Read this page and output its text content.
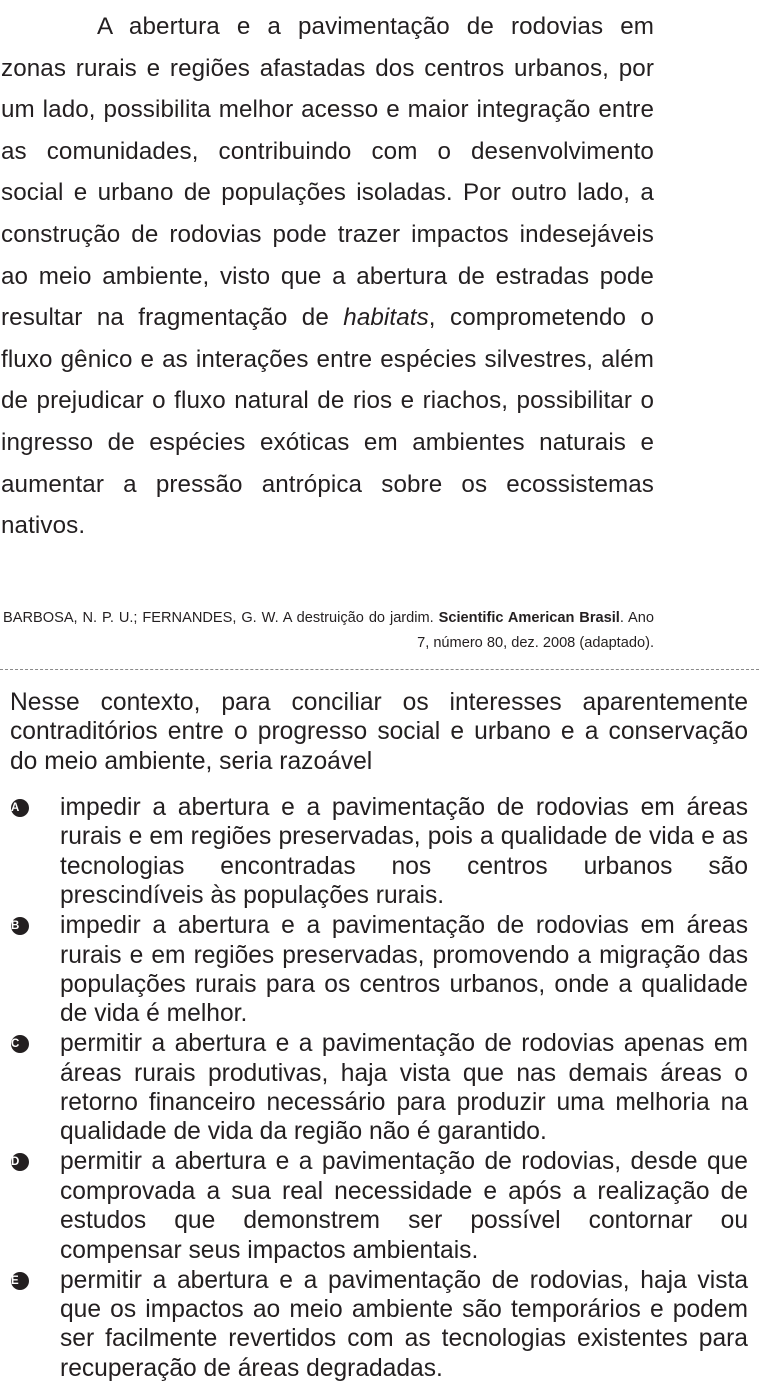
A abertura e a pavimentação de rodovias em zonas rurais e regiões afastadas dos centros urbanos, por um lado, possibilita melhor acesso e maior integração entre as comunidades, contribuindo com o desenvolvimento social e urbano de populações isoladas. Por outro lado, a construção de rodovias pode trazer impactos indesejáveis ao meio ambiente, visto que a abertura de estradas pode resultar na fragmentação de habitats, comprometendo o fluxo gênico e as interações entre espécies silvestres, além de prejudicar o fluxo natural de rios e riachos, possibilitar o ingresso de espécies exóticas em ambientes naturais e aumentar a pressão antrópica sobre os ecossistemas nativos.

BARBOSA, N. P. U.; FERNANDES, G. W. A destruição do jardim. Scientific American Brasil. Ano 7, número 80, dez. 2008 (adaptado).

Nesse contexto, para conciliar os interesses aparentemente contraditórios entre o progresso social e urbano e a conservação do meio ambiente, seria razoável

A	impedir a abertura e a pavimentação de rodovias em áreas rurais e em regiões preservadas, pois a qualidade de vida e as tecnologias encontradas nos centros urbanos são prescindíveis às populações rurais.
B	impedir a abertura e a pavimentação de rodovias em áreas rurais e em regiões preservadas, promovendo a migração das populações rurais para os centros urbanos, onde a qualidade de vida é melhor.
C	permitir a abertura e a pavimentação de rodovias apenas em áreas rurais produtivas, haja vista que nas demais áreas o retorno financeiro necessário para produzir uma melhoria na qualidade de vida da região não é garantido.
D	permitir a abertura e a pavimentação de rodovias, desde que comprovada a sua real necessidade e após a realização de estudos que demonstrem ser possível contornar ou compensar seus impactos ambientais.
E	permitir a abertura e a pavimentação de rodovias, haja vista que os impactos ao meio ambiente são temporários e podem ser facilmente revertidos com as tecnologias existentes para recuperação de áreas degradadas.
